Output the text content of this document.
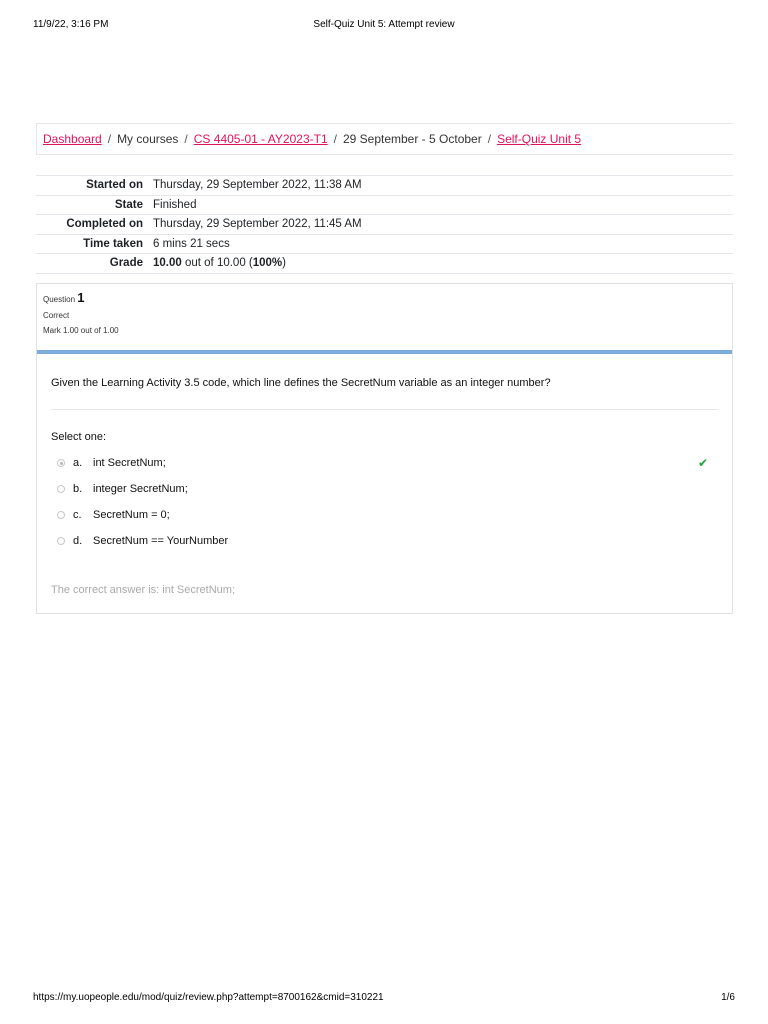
11/9/22, 3:16 PM	Self-Quiz Unit 5: Attempt review
Dashboard / My courses / CS 4405-01 - AY2023-T1 / 29 September - 5 October / Self-Quiz Unit 5
Started on	Thursday, 29 September 2022, 11:38 AM
State	Finished
Completed on	Thursday, 29 September 2022, 11:45 AM
Time taken	6 mins 21 secs
Grade	10.00 out of 10.00 (100%)
Question 1
Correct
Mark 1.00 out of 1.00
Given the Learning Activity 3.5 code, which line defines the SecretNum variable as an integer number?
Select one:
a. int SecretNum;	✔
b. integer SecretNum;
c.	SecretNum = 0;
d. SecretNum == YourNumber
The correct answer is: int SecretNum;
https://my.uopeople.edu/mod/quiz/review.php?attempt=8700162&cmid=310221	1/6
